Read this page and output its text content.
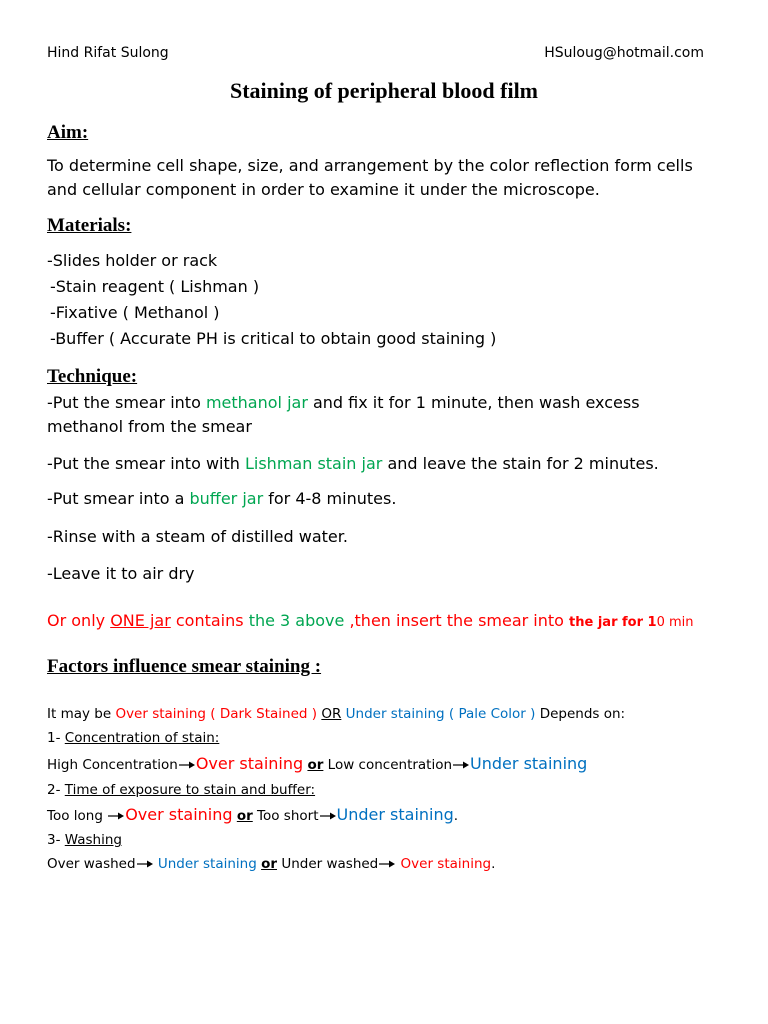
Hind Rifat Sulong	HSuloug@hotmail.com
Staining of peripheral blood film
Aim:
To determine cell shape, size, and arrangement by the color reflection form cells
and cellular component in order to examine it under the microscope.
Materials:
-Slides holder or rack
-Stain reagent ( Lishman )
-Fixative ( Methanol )
-Buffer ( Accurate PH is critical to obtain good staining )
Technique:
-Put the smear into methanol jar and fix it for 1 minute, then wash excess
methanol from the smear
-Put the smear into with Lishman stain jar and leave the stain for 2 minutes.
-Put smear into a buffer jar for 4-8 minutes.
-Rinse with a steam of distilled water.
-Leave it to air dry
Or only ONE jar contains the 3 above ,then insert the smear into the jar for 10 min
Factors influence smear staining :
It may be Over staining ( Dark Stained ) OR Under staining ( Pale Color ) Depends on:
1- Concentration of stain:
High Concentration Over staining or Low concentration Under staining
2- Time of exposure to stain and buffer:
Too long Over staining or Too short Under staining.
3- Washing
Over washed Under staining or Under washed Over staining.
